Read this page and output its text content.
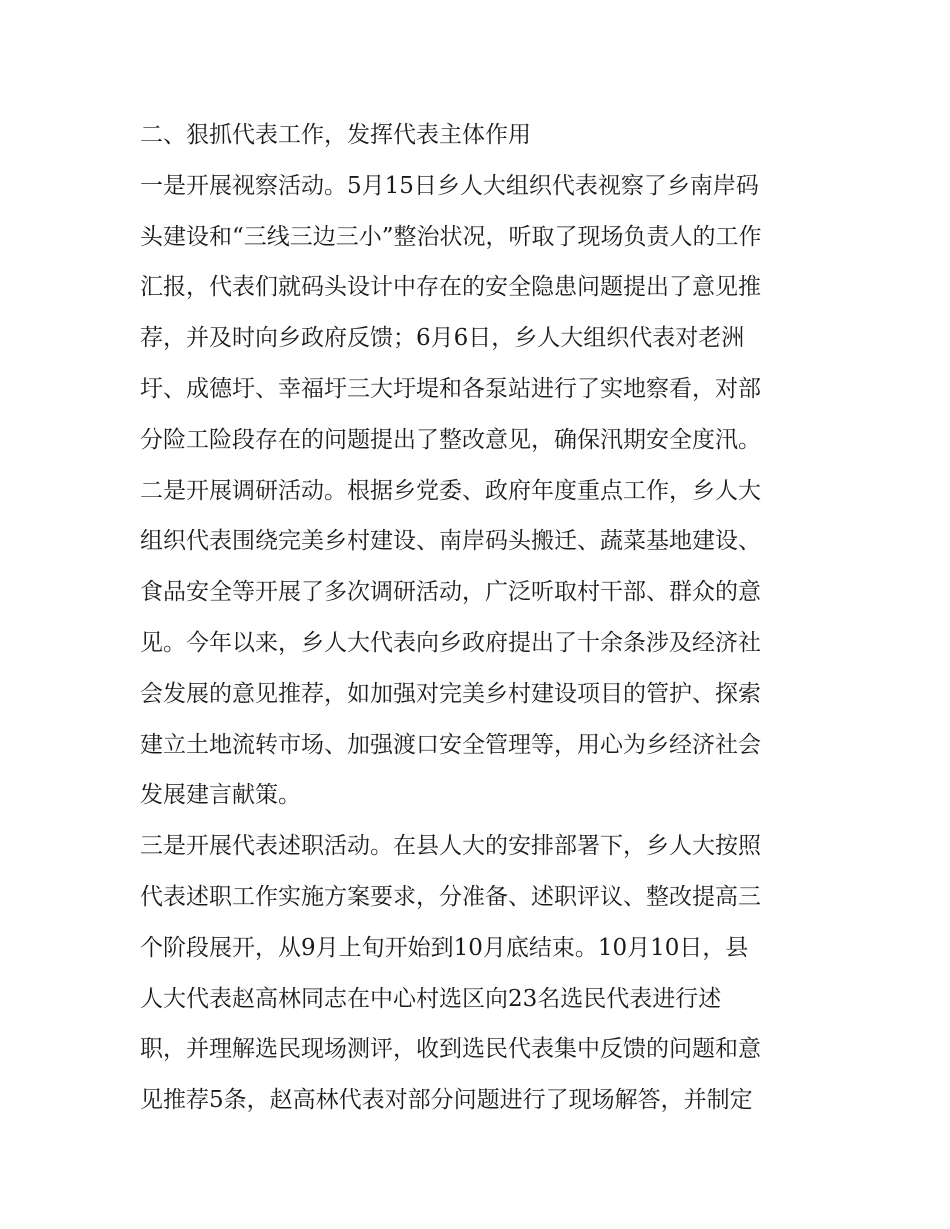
二、狠抓代表工作，发挥代表主体作用
一是开展视察活动。5月15日乡人大组织代表视察了乡南岸码
头建设和“三线三边三小”整治状况，听取了现场负责人的工作
汇报，代表们就码头设计中存在的安全隐患问题提出了意见推
荐，并及时向乡政府反馈；6月6日，乡人大组织代表对老洲
圩、成德圩、幸福圩三大圩堤和各泵站进行了实地察看，对部
分险工险段存在的问题提出了整改意见，确保汛期安全度汛。
二是开展调研活动。根据乡党委、政府年度重点工作，乡人大
组织代表围绕完美乡村建设、南岸码头搬迁、蔬菜基地建设、
食品安全等开展了多次调研活动，广泛听取村干部、群众的意
见。今年以来，乡人大代表向乡政府提出了十余条涉及经济社
会发展的意见推荐，如加强对完美乡村建设项目的管护、探索
建立土地流转市场、加强渡口安全管理等，用心为乡经济社会
发展建言献策。
三是开展代表述职活动。在县人大的安排部署下，乡人大按照
代表述职工作实施方案要求，分准备、述职评议、整改提高三
个阶段展开，从9月上旬开始到10月底结束。10月10日，县
人大代表赵高林同志在中心村选区向23名选民代表进行述
职，并理解选民现场测评，收到选民代表集中反馈的问题和意
见推荐5条，赵高林代表对部分问题进行了现场解答，并制定
